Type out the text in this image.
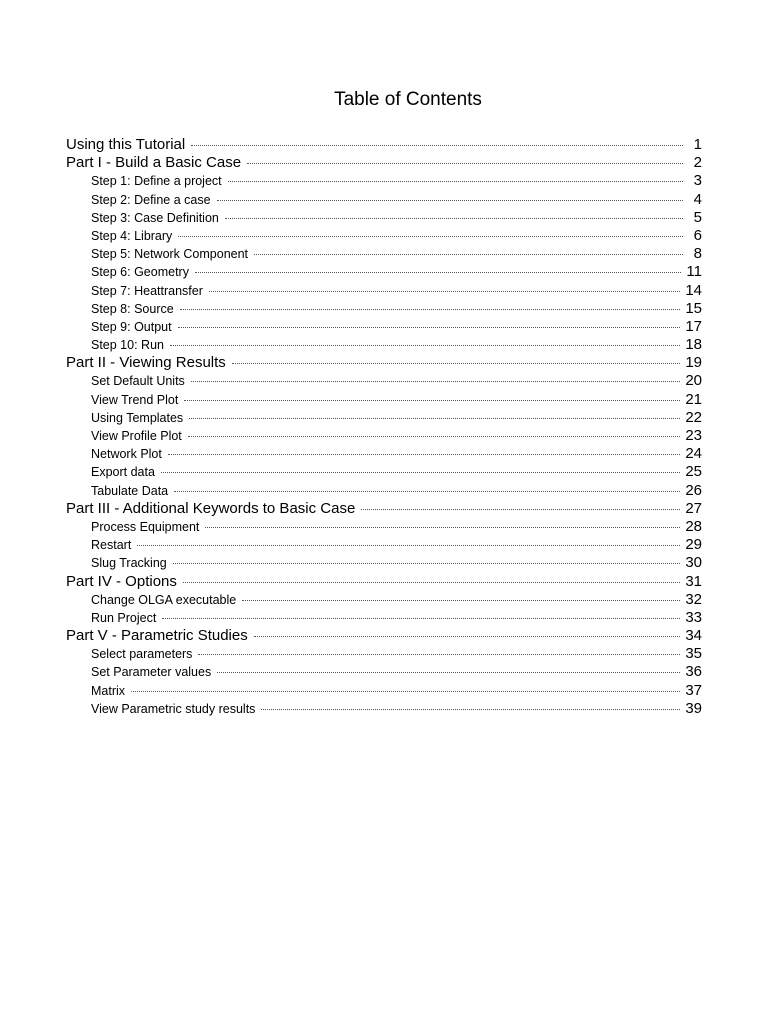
Table of Contents
Using this Tutorial	1
Part I - Build a Basic Case	2
Step 1: Define a project	3
Step 2: Define a case	4
Step 3: Case Definition	5
Step 4: Library	6
Step 5: Network Component	8
Step 6: Geometry	11
Step 7: Heattransfer	14
Step 8: Source	15
Step 9: Output	17
Step 10: Run	18
Part II - Viewing Results	19
Set Default Units	20
View Trend Plot	21
Using Templates	22
View Profile Plot	23
Network Plot	24
Export data	25
Tabulate Data	26
Part III - Additional Keywords to Basic Case	27
Process Equipment	28
Restart	29
Slug Tracking	30
Part IV - Options	31
Change OLGA executable	32
Run Project	33
Part V - Parametric Studies	34
Select parameters	35
Set Parameter values	36
Matrix	37
View Parametric study results	39
